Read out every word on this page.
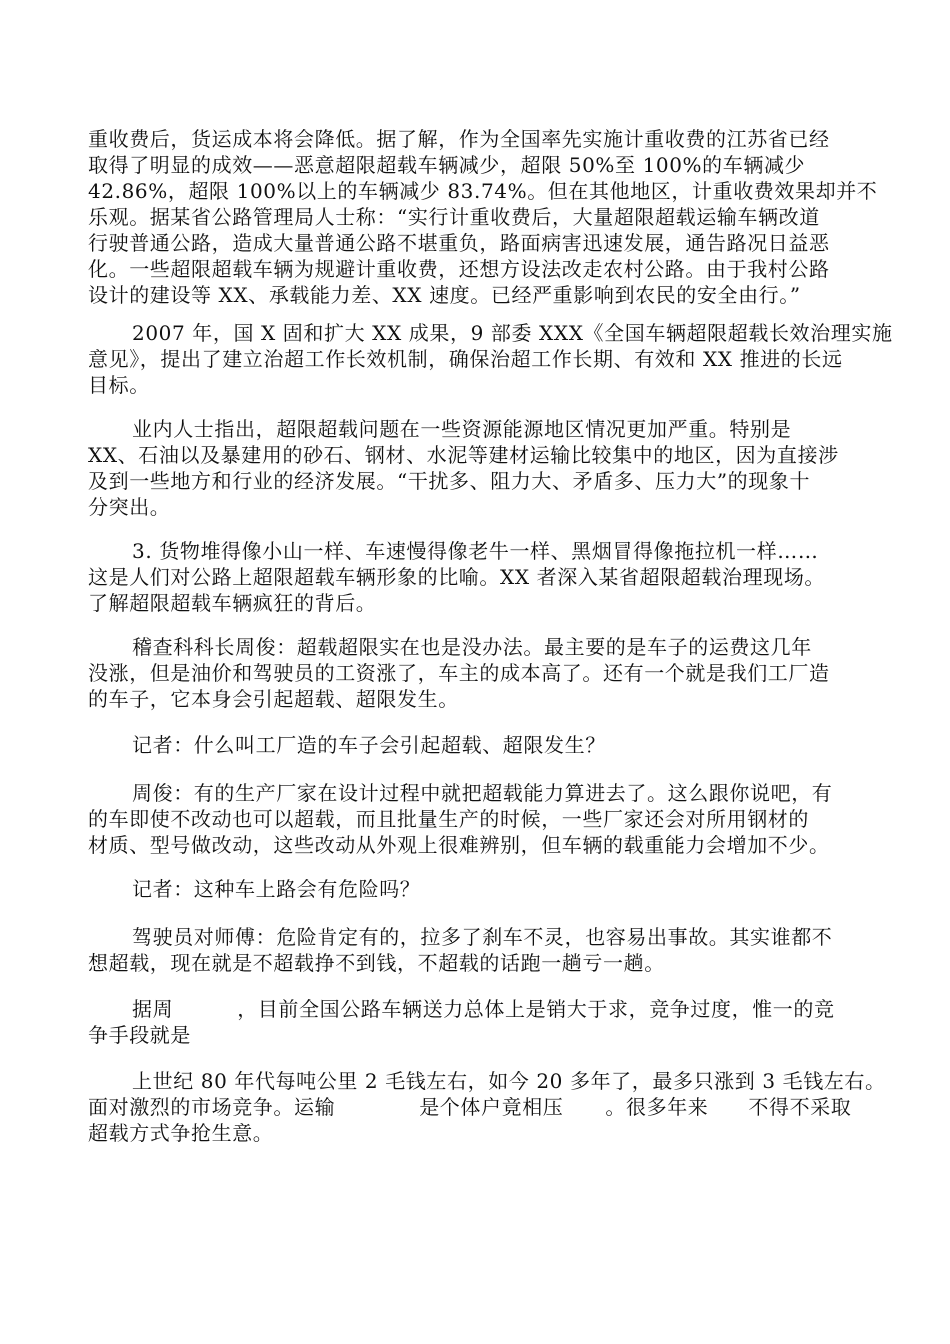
重收费后，货运成本将会降低。据了解，作为全国率先实施计重收费的江苏省已经
取得了明显的成效——恶意超限超载车辆减少，超限 50%至 100%的车辆减少
42.86%，超限 100%以上的车辆减少 83.74%。但在其他地区，计重收费效果却并不
乐观。据某省公路管理局人士称：“实行计重收费后，大量超限超载运输车辆改道
行驶普通公路，造成大量普通公路不堪重负，路面病害迅速发展，通告路况日益恶
化。一些超限超载车辆为规避计重收费，还想方设法改走农村公路。由于我村公路
设计的建设等 XX、承载能力差、XX 速度。已经严重影响到农民的安全由行。”
2007 年，国 X 固和扩大 XX 成果，9 部委 XXX《全国车辆超限超载长效治理实施
意见》，提出了建立治超工作长效机制，确保治超工作长期、有效和 XX 推进的长远
目标。
业内人士指出，超限超载问题在一些资源能源地区情况更加严重。特别是
XX、石油以及暴建用的砂石、钢材、水泥等建材运输比较集中的地区，因为直接涉
及到一些地方和行业的经济发展。“干扰多、阻力大、矛盾多、压力大”的现象十
分突出。
3. 货物堆得像小山一样、车速慢得像老牛一样、黑烟冒得像拖拉机一样……
这是人们对公路上超限超载车辆形象的比喻。XX 者深入某省超限超载治理现场。
了解超限超载车辆疯狂的背后。
稽查科科长周俊：超载超限实在也是没办法。最主要的是车子的运费这几年
没涨，但是油价和驾驶员的工资涨了，车主的成本高了。还有一个就是我们工厂造
的车子，它本身会引起超载、超限发生。
记者：什么叫工厂造的车子会引起超载、超限发生？
周俊：有的生产厂家在设计过程中就把超载能力算进去了。这么跟你说吧，有
的车即使不改动也可以超载，而且批量生产的时候，一些厂家还会对所用钢材的
材质、型号做改动，这些改动从外观上很难辨别，但车辆的载重能力会增加不少。
记者：这种车上路会有危险吗？
驾驶员对师傅：危险肯定有的，拉多了刹车不灵，也容易出事故。其实谁都不
想超载，现在就是不超载挣不到钱，不超载的话跑一趟亏一趟。
据周	，目前全国公路车辆送力总体上是销大于求，竞争过度，惟一的竞
争手段就是
上世纪 80 年代每吨公里 2 毛钱左右，如今 20 多年了，最多只涨到 3 毛钱左右。
面对激烈的市场竞争。运输	是个体户竟相压 。很多年来 不得不采取
超载方式争抢生意。
